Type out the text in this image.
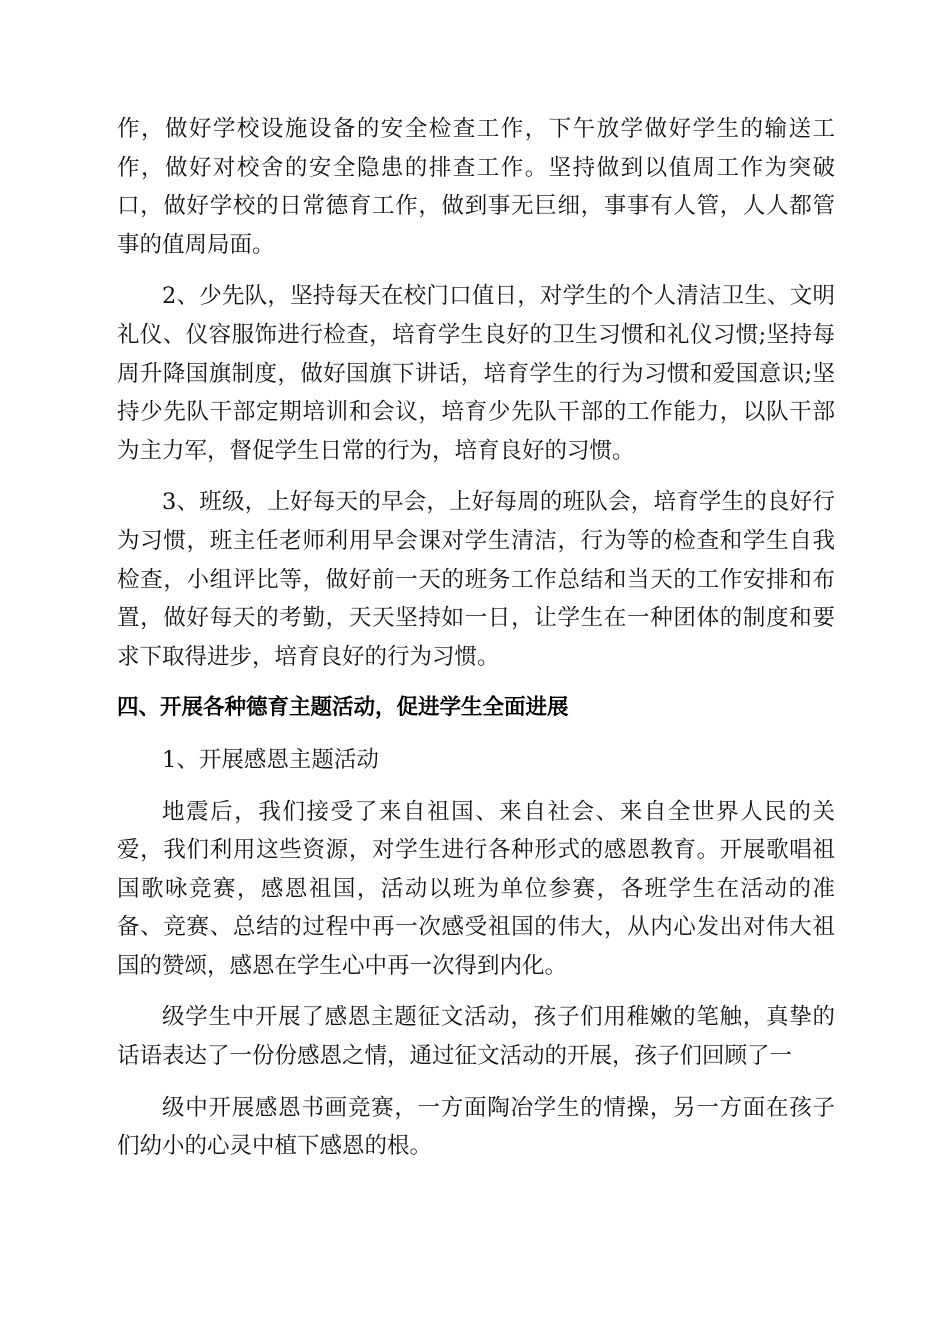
作，做好学校设施设备的安全检查工作，下午放学做好学生的输送工作，做好对校舍的安全隐患的排查工作。坚持做到以值周工作为突破口，做好学校的日常德育工作，做到事无巨细，事事有人管，人人都管事的值周局面。

2、少先队，坚持每天在校门口值日，对学生的个人清洁卫生、文明礼仪、仪容服饰进行检查，培育学生良好的卫生习惯和礼仪习惯;坚持每周升降国旗制度，做好国旗下讲话，培育学生的行为习惯和爱国意识;坚持少先队干部定期培训和会议，培育少先队干部的工作能力，以队干部为主力军，督促学生日常的行为，培育良好的习惯。

3、班级，上好每天的早会，上好每周的班队会，培育学生的良好行为习惯，班主任老师利用早会课对学生清洁，行为等的检查和学生自我检查，小组评比等，做好前一天的班务工作总结和当天的工作安排和布置，做好每天的考勤，天天坚持如一日，让学生在一种团体的制度和要求下取得进步，培育良好的行为习惯。

四、开展各种德育主题活动，促进学生全面进展

1、开展感恩主题活动

地震后，我们接受了来自祖国、来自社会、来自全世界人民的关爱，我们利用这些资源，对学生进行各种形式的感恩教育。开展歌唱祖国歌咏竞赛，感恩祖国，活动以班为单位参赛，各班学生在活动的准备、竞赛、总结的过程中再一次感受祖国的伟大，从内心发出对伟大祖国的赞颂，感恩在学生心中再一次得到内化。

级学生中开展了感恩主题征文活动，孩子们用稚嫩的笔触，真挚的话语表达了一份份感恩之情，通过征文活动的开展，孩子们回顾了一

级中开展感恩书画竞赛，一方面陶冶学生的情操，另一方面在孩子们幼小的心灵中植下感恩的根。
